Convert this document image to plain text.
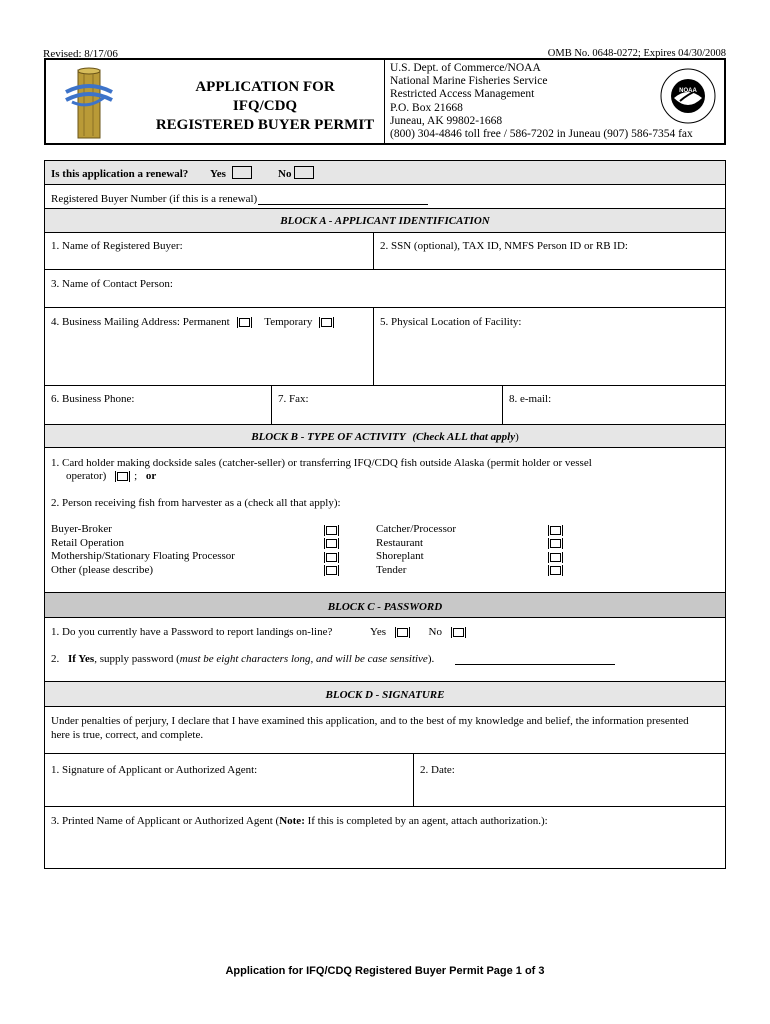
Revised: 8/17/06	OMB No. 0648-0272; Expires 04/30/2008
APPLICATION FOR
IFQ/CDQ
REGISTERED BUYER PERMIT
U.S. Dept. of Commerce/NOAA
National Marine Fisheries Service
Restricted Access Management
P.O. Box 21668
Juneau, AK 99802-1668
(800) 304-4846 toll free / 586-7202 in Juneau (907) 586-7354 fax
NOAA
Is this application a renewal? Yes	No
Registered Buyer Number (if this is a renewal)
BLOCK A - APPLICANT IDENTIFICATION
1. Name of Registered Buyer:	2. SSN (optional), TAX ID, NMFS Person ID or RB ID:
3. Name of Contact Person:
4. Business Mailing Address: Permanent	Temporary	5. Physical Location of Facility:
6. Business Phone:	7. Fax:	8. e-mail:
BLOCK B - TYPE OF ACTIVITY (Check ALL that apply)
1. Card holder making dockside sales (catcher-seller) or transferring IFQ/CDQ fish outside Alaska (permit holder or vessel
operator)	; or
2. Person receiving fish from harvester as a (check all that apply):
Buyer-Broker
Retail Operation
Mothership/Stationary Floating Processor
Other (please describe)
Catcher/Processor
Restaurant
Shoreplant
Tender
BLOCK C - PASSWORD
1. Do you currently have a Password to report landings on-line?	Yes	No
2. If Yes, supply password (must be eight characters long, and will be case sensitive).
BLOCK D - SIGNATURE
Under penalties of perjury, I declare that I have examined this application, and to the best of my knowledge and belief, the information presented
here is true, correct, and complete.
1. Signature of Applicant or Authorized Agent:	2. Date:
3. Printed Name of Applicant or Authorized Agent (Note: If this is completed by an agent, attach authorization.):
Application for IFQ/CDQ Registered Buyer Permit Page 1 of 3
